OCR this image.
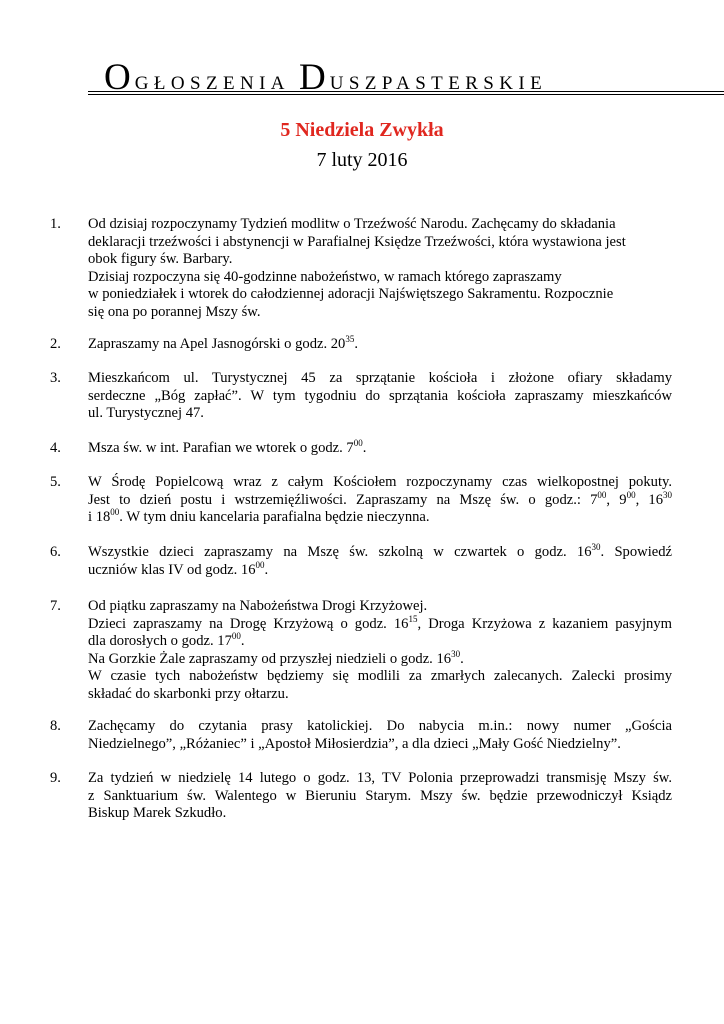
OGŁOSZENIA DUSZPASTERSKIE
5 Niedziela Zwykła
7 luty 2016
1. Od dzisiaj rozpoczynamy Tydzień modlitw o Trzeźwość Narodu. Zachęcamy do składania
deklaracji trzeźwości i abstynencji w Parafialnej Księdze Trzeźwości, która wystawiona jest
obok figury św. Barbary.
Dzisiaj rozpoczyna się 40-godzinne nabożeństwo, w ramach którego zapraszamy
w poniedziałek i wtorek do całodziennej adoracji Najświętszego Sakramentu. Rozpocznie
się ona po porannej Mszy św.
2. Zapraszamy na Apel Jasnogórski o godz. $20^{35}$.
3. Mieszkańcom ul. Turystycznej 45 za sprzątanie kościoła i złożone ofiary składamy
serdeczne „Bóg zapłać”. W tym tygodniu do sprzątania kościoła zapraszamy mieszkańców
ul. Turystycznej 47.
4. Msza św. w int. Parafian we wtorek o godz. $7^{00}$.
5. W Środę Popielcową wraz z całym Kościołem rozpoczynamy czas wielkopostnej pokuty.
Jest to dzień postu i wstrzemięźliwości. Zapraszamy na Mszę św. o godz.: $7^{00}$, $9^{00}$, $16^{30}$
i $18^{00}$. W tym dniu kancelaria parafialna będzie nieczynna.
6. Wszystkie dzieci zapraszamy na Mszę św. szkolną w czwartek o godz. $16^{30}$. Spowiedź
uczniów klas IV od godz. $16^{00}$.
7. Od piątku zapraszamy na Nabożeństwa Drogi Krzyżowej.
Dzieci zapraszamy na Drogę Krzyżową o godz. $16^{15}$, Droga Krzyżowa z kazaniem pasyjnym
dla dorosłych o godz. $17^{00}$.
Na Gorzkie Żale zapraszamy od przyszłej niedzieli o godz. $16^{30}$.
W czasie tych nabożeństw będziemy się modlili za zmarłych zalecanych. Zalecki prosimy
składać do skarbonki przy ołtarzu.
8. Zachęcamy do czytania prasy katolickiej. Do nabycia m.in.: nowy numer „Gościa
Niedzielnego”, „Różaniec” i „Apostoł Miłosierdzia”, a dla dzieci „Mały Gość Niedzielny”.
9. Za tydzień w niedzielę 14 lutego o godz. 13, TV Polonia przeprowadzi transmisję Mszy św.
z Sanktuarium św. Walentego w Bieruniu Starym. Mszy św. będzie przewodniczył Ksiądz
Biskup Marek Szkudło.
